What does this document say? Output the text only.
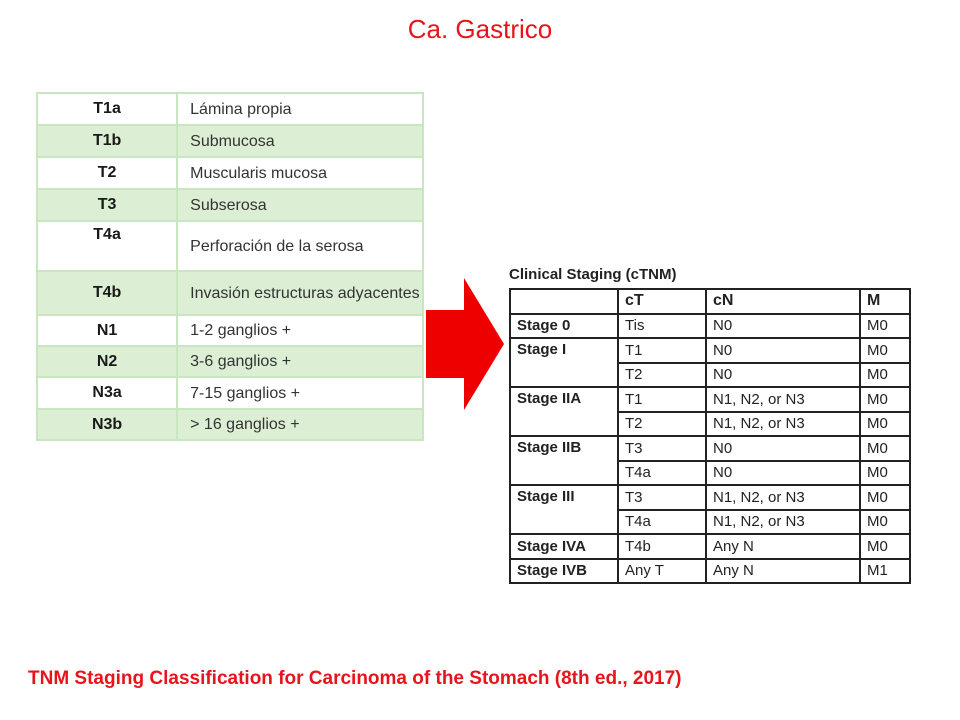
Ca. Gastrico
T1a	Lámina propia
T1b	Submucosa
T2	Muscularis mucosa
T3	Subserosa
T4a	Perforación de la serosa
T4b	Invasión estructuras adyacentes
N1	1-2 ganglios +
N2	3-6 ganglios +
N3a	7-15 ganglios +
N3b	> 16 ganglios +
Clinical Staging (cTNM)
	cT	cN	M
Stage 0	Tis	N0	M0
Stage I	T1	N0	M0
	T2	N0	M0
Stage IIA	T1	N1, N2, or N3	M0
	T2	N1, N2, or N3	M0
Stage IIB	T3	N0	M0
	T4a	N0	M0
Stage III	T3	N1, N2, or N3	M0
	T4a	N1, N2, or N3	M0
Stage IVA	T4b	Any N	M0
Stage IVB	Any T	Any N	M1
TNM Staging Classification for Carcinoma of the Stomach (8th ed., 2017)
